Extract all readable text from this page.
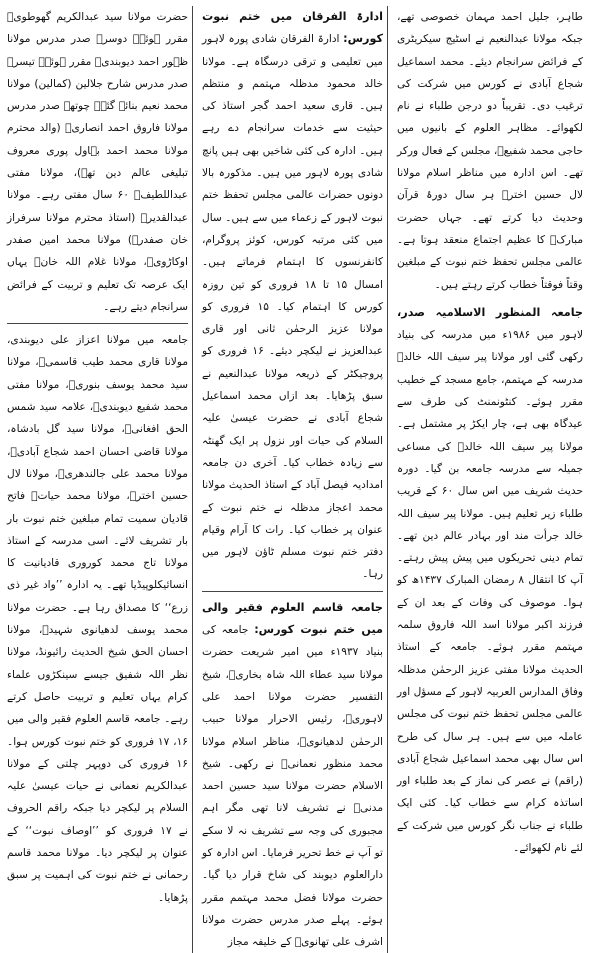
طاہر، جلیل احمد مہمان خصوصی تھے، جبکہ مولانا عبدالنعیم نے اسٹیج سیکریٹری کے فرائض سرانجام دیئے۔ محمد اسماعیل شجاع آبادی نے کورس میں شرکت کی ترغیب دی۔ تقریباً دو درجن طلباء نے نام لکھوائے۔ مظاہر العلوم کے بانیوں میں حاجی محمد شفیعؒ، مجلس کے فعال ورکر تھے۔ اس ادارہ میں مناظر اسلام مولانا لال حسین اخترؒ ہر سال دورۂ قرآن وحدیث دیا کرتے تھے۔ جہاں حضرت مبارکؒ کا عظیم اجتماع منعقد ہوتا ہے۔ عالمی مجلس تحفظ ختم نبوت کے مبلغین وقتاً فوقتاً خطاب کرتے رہتے ہیں۔

جامعہ المنظور الاسلامیہ صدر، لاہور میں ۱۹۸۶ء میں مدرسہ کی بنیاد رکھی گئی اور مولانا پیر سیف اللہ خالدؒ مدرسہ کے مہتمم، جامع مسجد کے خطیب مقرر ہوئے۔ کنٹونمنٹ کی طرف سے عیدگاہ بھی ہے، چار ایکڑ پر مشتمل ہے۔ مولانا پیر سیف اللہ خالدؒ کی مساعی جمیلہ سے مدرسہ جامعہ بن گیا۔ دورہ حدیث شریف میں اس سال ۶۰ کے قریب طلباء زیر تعلیم ہیں۔ مولانا پیر سیف اللہ خالد جرأت مند اور بہادر عالم دین تھے۔ تمام دینی تحریکوں میں پیش پیش رہتے۔ آپ کا انتقال ۸ رمضان المبارک ۱۴۳۷ھ کو ہوا۔ موصوف کی وفات کے بعد ان کے فرزند اکبر مولانا اسد اللہ فاروق سلمہ مہتمم مقرر ہوئے۔ جامعہ کے استاذ الحدیث مولانا مفتی عزیز الرحمٰن مدظلہ وفاق المدارس العربیہ لاہور کے مسؤل اور عالمی مجلس تحفظ ختم نبوت کی مجلس عاملہ میں سے ہیں۔ ہر سال کی طرح اس سال بھی محمد اسماعیل شجاع آبادی (راقم) نے عصر کی نماز کے بعد طلباء اور اساتذہ کرام سے خطاب کیا۔ کئی ایک طلباء نے جناب نگر کورس میں شرکت کے لئے نام لکھوائے۔

ادارۃ الفرقان میں ختم نبوت کورس: ادارۃ الفرقان شادی پورہ لاہور میں تعلیمی و ترقی درسگاہ ہے۔ مولانا خالد محمود مدظلہ مہتمم و منتظم ہیں۔ قاری سعید احمد گجر استاذ کی حیثیت سے خدمات سرانجام دے رہے ہیں۔ ادارہ کی کئی شاخیں بھی ہیں پانچ شادی پورہ لاہور میں ہیں۔ مذکورہ بالا دونوں حضرات عالمی مجلس تحفظ ختم نبوت لاہور کے زعماء میں سے ہیں۔ سال میں کئی مرتبہ کورس، کوئز پروگرام، کانفرنسوں کا اہتمام فرماتے ہیں۔ امسال ۱۵ تا ۱۸ فروری کو تین روزہ کورس کا اہتمام کیا۔ ۱۵ فروری کو مولانا عزیز الرحمٰن ثانی اور قاری عبدالعزیز نے لیکچر دیئے۔ ۱۶ فروری کو پروجیکٹر کے ذریعہ مولانا عبدالنعیم نے سبق پڑھایا۔ بعد ازاں محمد اسماعیل شجاع آبادی نے حضرت عیسیٰ علیہ السلام کی حیات اور نزول پر ایک گھنٹہ سے زیادہ خطاب کیا۔ آخری دن جامعہ امدادیہ فیصل آباد کے استاذ الحدیث مولانا محمد اعجاز مدظلہ نے ختم نبوت کے عنوان پر خطاب کیا۔ رات کا آرام وقیام دفتر ختم نبوت مسلم ٹاؤن لاہور میں رہا۔

جامعہ قاسم العلوم فقیر والی میں ختم نبوت کورس: جامعہ کی بنیاد ۱۹۳۷ء میں امیر شریعت حضرت مولانا سید عطاء اللہ شاہ بخاریؒ، شیخ التفسیر حضرت مولانا احمد علی لاہوریؒ، رئیس الاحرار مولانا حبیب الرحمٰن لدھیانویؒ، مناظر اسلام مولانا محمد منظور نعمانیؒ نے رکھی۔ شیخ الاسلام حضرت مولانا سید حسین احمد مدنیؒ نے تشریف لانا تھی مگر اہم مجبوری کی وجہ سے تشریف نہ لا سکے تو آپ نے خط تحریر فرمایا۔ اس ادارہ کو دارالعلوم دیوبند کی شاخ قرار دیا گیا۔ حضرت مولانا فضل محمد مہتمم مقرر ہوئے۔ پہلے صدر مدرس حضرت مولانا اشرف علی تھانویؒ کے خلیفہ مجاز

حضرت مولانا سید عبدالکریم گھوطویؒ مقرر ہوئے۔ دوسرے صدر مدرس مولانا ظہور احمد دیوبندیؒ مقرر ہوئے۔ تیسرے صدر مدرس شارح جلالین (کمالین) مولانا محمد نعیم بنائے گئے۔ چوتھے صدر مدرس مولانا فاروق احمد انصاریؒ (والد محترم مولانا محمد احمد بہاول پوری معروف تبلیغی عالم دین تھے)، مولانا مفتی عبداللطیفؒ ۶۰ سال مفتی رہے۔ مولانا عبدالقدیرؒ (استاذ محترم مولانا سرفراز خان صفدرؒ) مولانا محمد امین صفدر اوکاڑویؒ، مولانا غلام اللہ خانؒ یہاں ایک عرصہ تک تعلیم و تربیت کے فرائض سرانجام دیتے رہے۔

جامعہ میں مولانا اعزاز علی دیوبندی، مولانا قاری محمد طیب قاسمیؒ، مولانا سید محمد یوسف بنوریؒ، مولانا مفتی محمد شفیع دیوبندیؒ، علامہ سید شمس الحق افغانیؒ، مولانا سید گل بادشاہ، مولانا قاضی احسان احمد شجاع آبادیؒ، مولانا محمد علی جالندھریؒ، مولانا لال حسین اخترؒ، مولانا محمد حیاتؒ فاتح قادیان سمیت تمام مبلغین ختم نبوت بار بار تشریف لائے۔ اسی مدرسہ کے استاذ مولانا تاج محمد کوروری قادیانیت کا انسائیکلوپیڈیا تھے۔ یہ ادارہ ’’واد غیر ذی زرع‘‘ کا مصداق رہا ہے۔ حضرت مولانا محمد یوسف لدھیانوی شہیدؒ، مولانا احسان الحق شیخ الحدیث رائیونڈ، مولانا نظر اللہ شفیق جیسے سینکڑوں علماء کرام یہاں تعلیم و تربیت حاصل کرتے رہے۔ جامعہ قاسم العلوم فقیر والی میں ۱۶، ۱۷ فروری کو ختم نبوت کورس ہوا۔ ۱۶ فروری کی دوپہر چلتی کے مولانا عبدالکریم نعمانی نے حیات عیسیٰ علیہ السلام پر لیکچر دیا جبکہ راقم الحروف نے ۱۷ فروری کو ’’اوصاف نبوت‘‘ کے عنوان پر لیکچر دیا۔ مولانا محمد قاسم رحمانی نے ختم نبوت کی اہمیت پر سبق پڑھایا۔
